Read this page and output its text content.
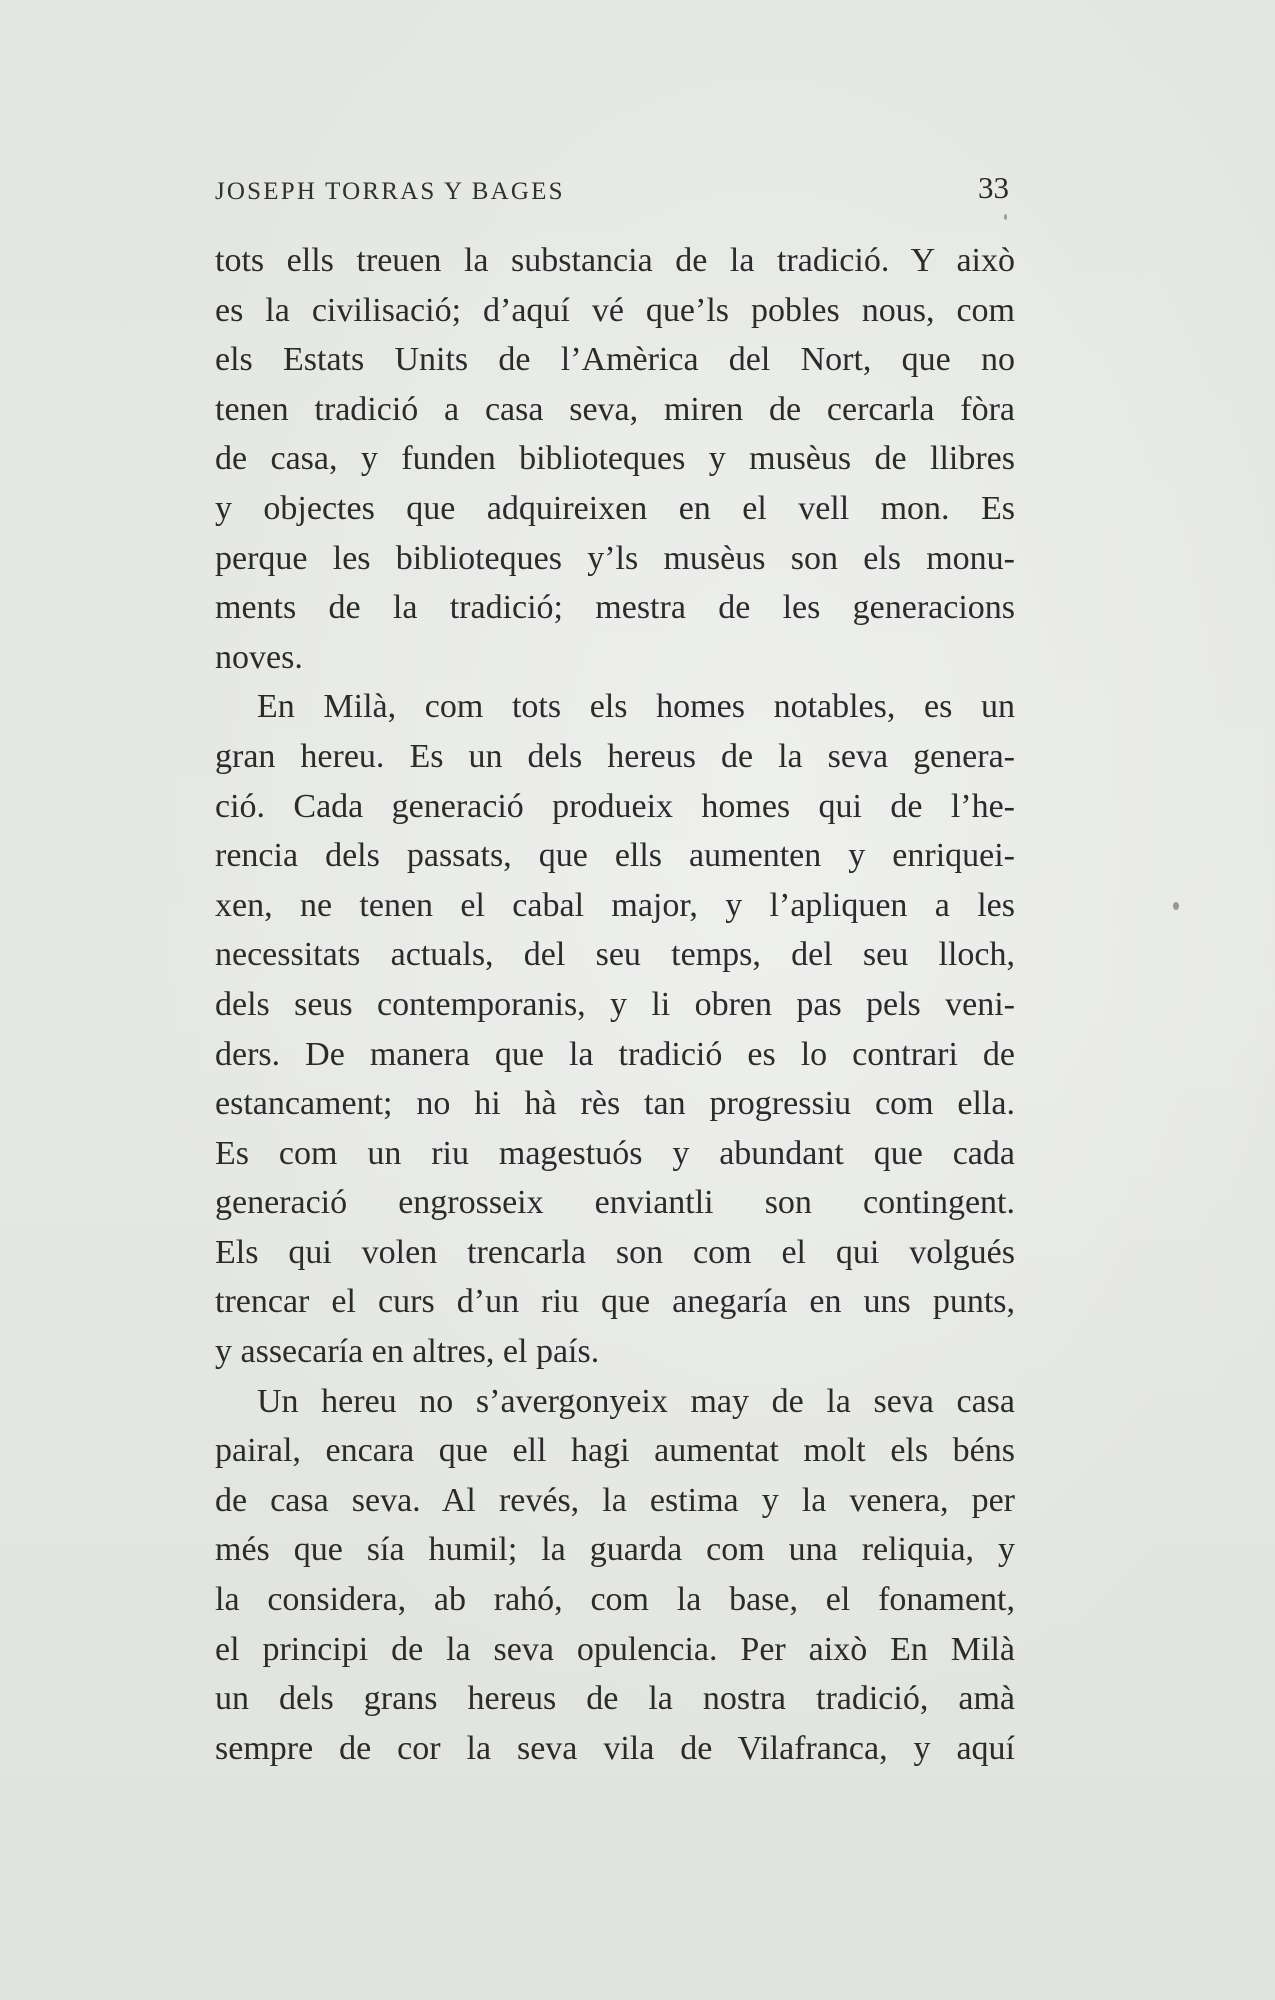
JOSEPH TORRAS Y BAGES	33
tots ells treuen la substancia de la tradició. Y això
es la civilisació; d’aquí vé que’ls pobles nous, com
els Estats Units de l’Amèrica del Nort, que no
tenen tradició a casa seva, miren de cercarla fòra
de casa, y funden biblioteques y musèus de llibres
y objectes que adquireixen en el vell mon. Es
perque les biblioteques y’ls musèus son els monu-
ments de la tradició; mestra de les generacions
noves.
En Milà, com tots els homes notables, es un
gran hereu. Es un dels hereus de la seva genera-
ció. Cada generació produeix homes qui de l’he-
rencia dels passats, que ells aumenten y enriquei-
xen, ne tenen el cabal major, y l’apliquen a les
necessitats actuals, del seu temps, del seu lloch,
dels seus contemporanis, y li obren pas pels veni-
ders. De manera que la tradició es lo contrari de
estancament; no hi hà rès tan progressiu com ella.
Es com un riu magestuós y abundant que cada
generació engrosseix enviantli son contingent.
Els qui volen trencarla son com el qui volgués
trencar el curs d’un riu que anegaría en uns punts,
y assecaría en altres, el país.
Un hereu no s’avergonyeix may de la seva casa
pairal, encara que ell hagi aumentat molt els béns
de casa seva. Al revés, la estima y la venera, per
més que sía humil; la guarda com una reliquia, y
la considera, ab rahó, com la base, el fonament,
el principi de la seva opulencia. Per això En Milà
un dels grans hereus de la nostra tradició, amà
sempre de cor la seva vila de Vilafranca, y aquí
